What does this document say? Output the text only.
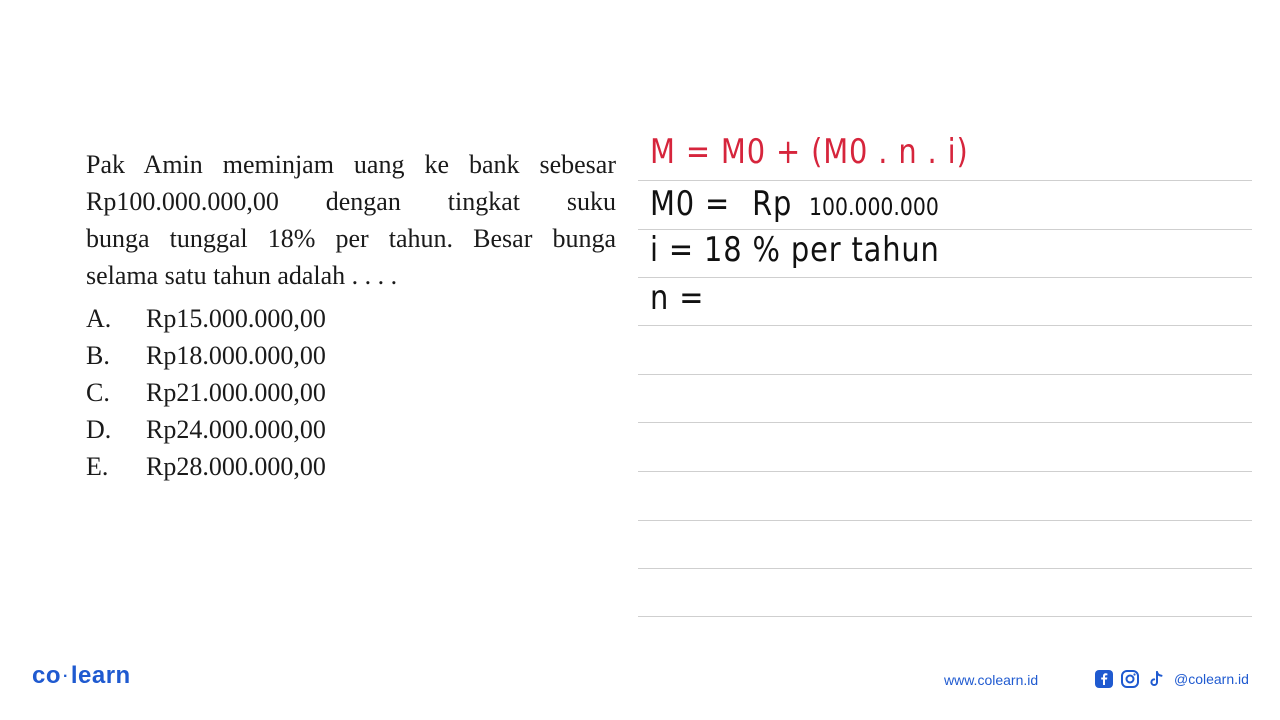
Pak Amin meminjam uang ke bank sebesar
Rp100.000.000,00 dengan tingkat suku
bunga tunggal 18% per tahun. Besar bunga
selama satu tahun adalah . . . .
A.	Rp15.000.000,00
B.	Rp18.000.000,00
C.	Rp21.000.000,00
D.	Rp24.000.000,00
E.	Rp28.000.000,00
M = M0 + (M0 . n . i)
M0 = Rp 100.000.000
i = 18 % per tahun
n =
co ·learn	www.colearn.id	@colearn.id
